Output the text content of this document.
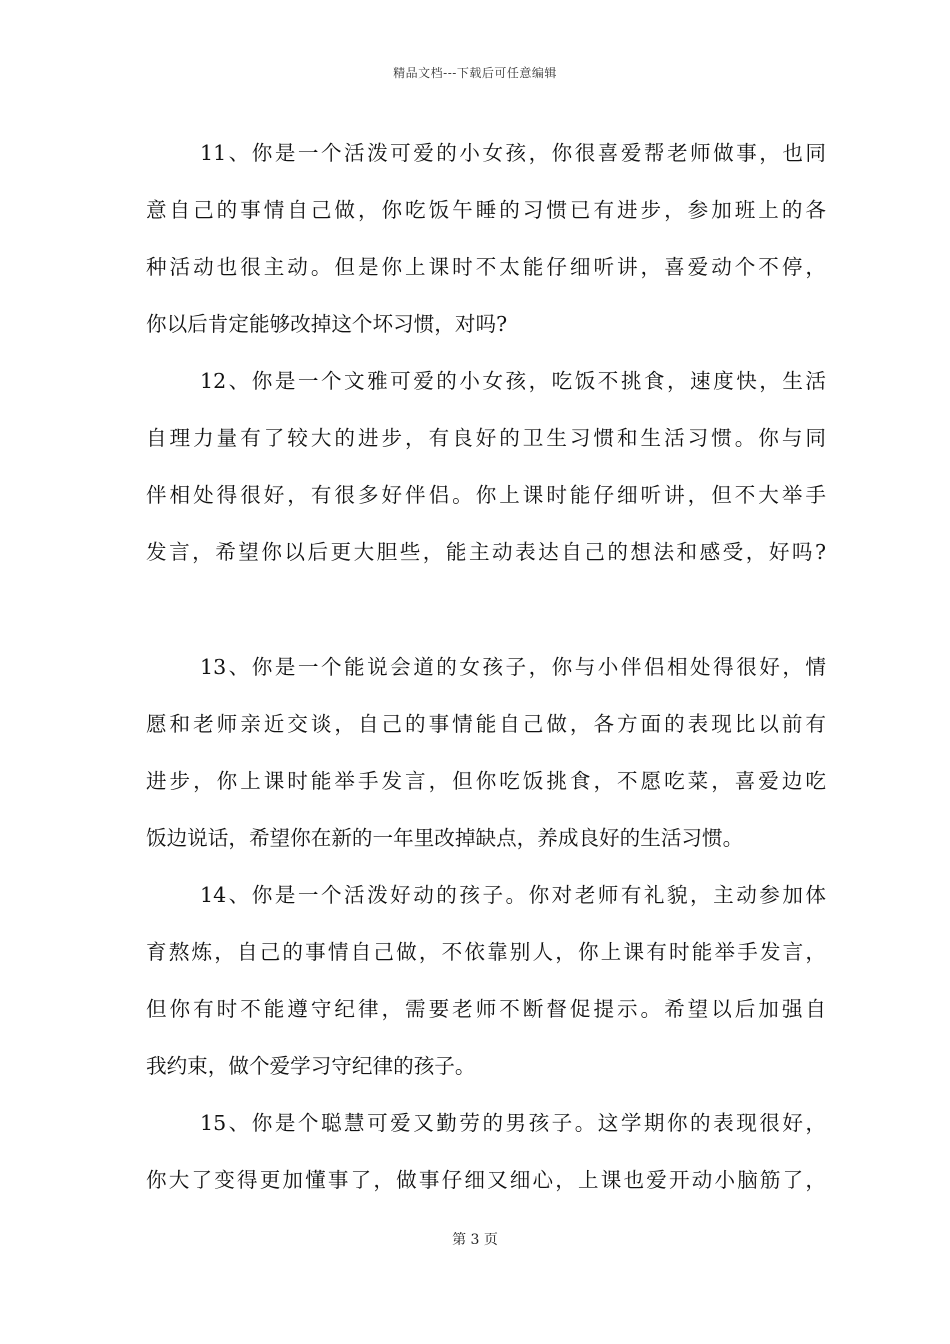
精品文档---下载后可任意编辑
11、你是一个活泼可爱的小女孩，你很喜爱帮老师做事，也同
意自己的事情自己做，你吃饭午睡的习惯已有进步，参加班上的各
种活动也很主动。但是你上课时不太能仔细听讲，喜爱动个不停，
你以后肯定能够改掉这个坏习惯，对吗?
12、你是一个文雅可爱的小女孩，吃饭不挑食，速度快，生活
自理力量有了较大的进步，有良好的卫生习惯和生活习惯。你与同
伴相处得很好，有很多好伴侣。你上课时能仔细听讲，但不大举手
发言，希望你以后更大胆些，能主动表达自己的想法和感受，好吗?
13、你是一个能说会道的女孩子，你与小伴侣相处得很好，情
愿和老师亲近交谈，自己的事情能自己做，各方面的表现比以前有
进步，你上课时能举手发言，但你吃饭挑食，不愿吃菜，喜爱边吃
饭边说话，希望你在新的一年里改掉缺点，养成良好的生活习惯。
14、你是一个活泼好动的孩子。你对老师有礼貌，主动参加体
育熬炼，自己的事情自己做，不依靠别人，你上课有时能举手发言，
但你有时不能遵守纪律，需要老师不断督促提示。希望以后加强自
我约束，做个爱学习守纪律的孩子。
15、你是个聪慧可爱又勤劳的男孩子。这学期你的表现很好，
你大了变得更加懂事了，做事仔细又细心，上课也爱开动小脑筋了，
第 3 页
